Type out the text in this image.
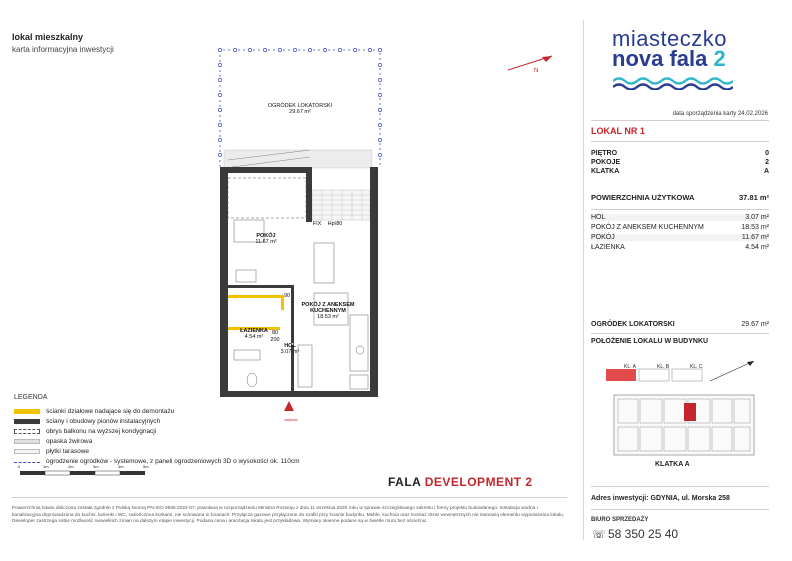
lokal mieszkalny
karta informacyjna inwestycji
N
OGRÓDEK LOKATORSKI
29.67 m²
POKÓJ
11.67 m²
POKÓJ Z ANEKSEM KUCHENNYM
18.53 m²
ŁAZIENKA
4.54 m²
HOL
3.07 m²
FIX	Hp\80
80
200
90
wejście
LEGENDA
ścianki działowe nadające się do demontażu
ściany i obudowy pionów instalacyjnych
obrys balkonu na wyższej kondygnacji
opaska żwirowa
płytki tarasowe
ogrodzenie ogródków - systemowe, z paneli ogrodzeniowych 3D o wysokości ok. 110cm
0	1m	2m	3m	4m	5m
FALA DEVELOPMENT 2
Powierzchnia lokalu obliczona została zgodnie z Polską Normą PN-ISO 9836:2022-07, powołaną w rozporządzeniu Ministra Rozwoju z dnia 11 września 2020 roku w sprawie szczegółowego zakresu i formy projektu budowlanego. Instalacja wodna i kanalizacyjna doprowadzona do kuchni, łazienki i WC, zakończona korkami, nie schowana w ścianach. Przyłącza gazowe przyłączone do szafki przy ścianie budynku. Meble, kuchnia oraz montaż drzwi wewnętrznych nie stanowią elementu wyposażenia lokalu. Deweloper zastrzega sobie możliwość niewielkich zmian na dalszym etapie inwestycji. Podana cena i aranżacja lokalu jest przykładowa. Wymiary okienne podane są w świetle muru bez ościeżnic.
miasteczko
nova fala 2
data sporządzenia karty 24.02.2026
LOKAL NR 1
PIĘTRO	0
POKOJE	2
KLATKA	A
POWIERZCHNIA UŻYTKOWA	37.81 m²
HOL	3.07 m²
POKÓJ Z ANEKSEM KUCHENNYM	18.53 m²
POKÓJ	11.67 m²
ŁAZIENKA	4.54 m²
OGRÓDEK LOKATORSKI	29.67 m²
POŁOŻENIE LOKALU W BUDYNKU
KL. A	KL. B	KL. C
KLATKA A
Adres inwestycji: GDYNIA, ul. Morska 258
BIURO SPRZEDAŻY
☏ 58 350 25 40
